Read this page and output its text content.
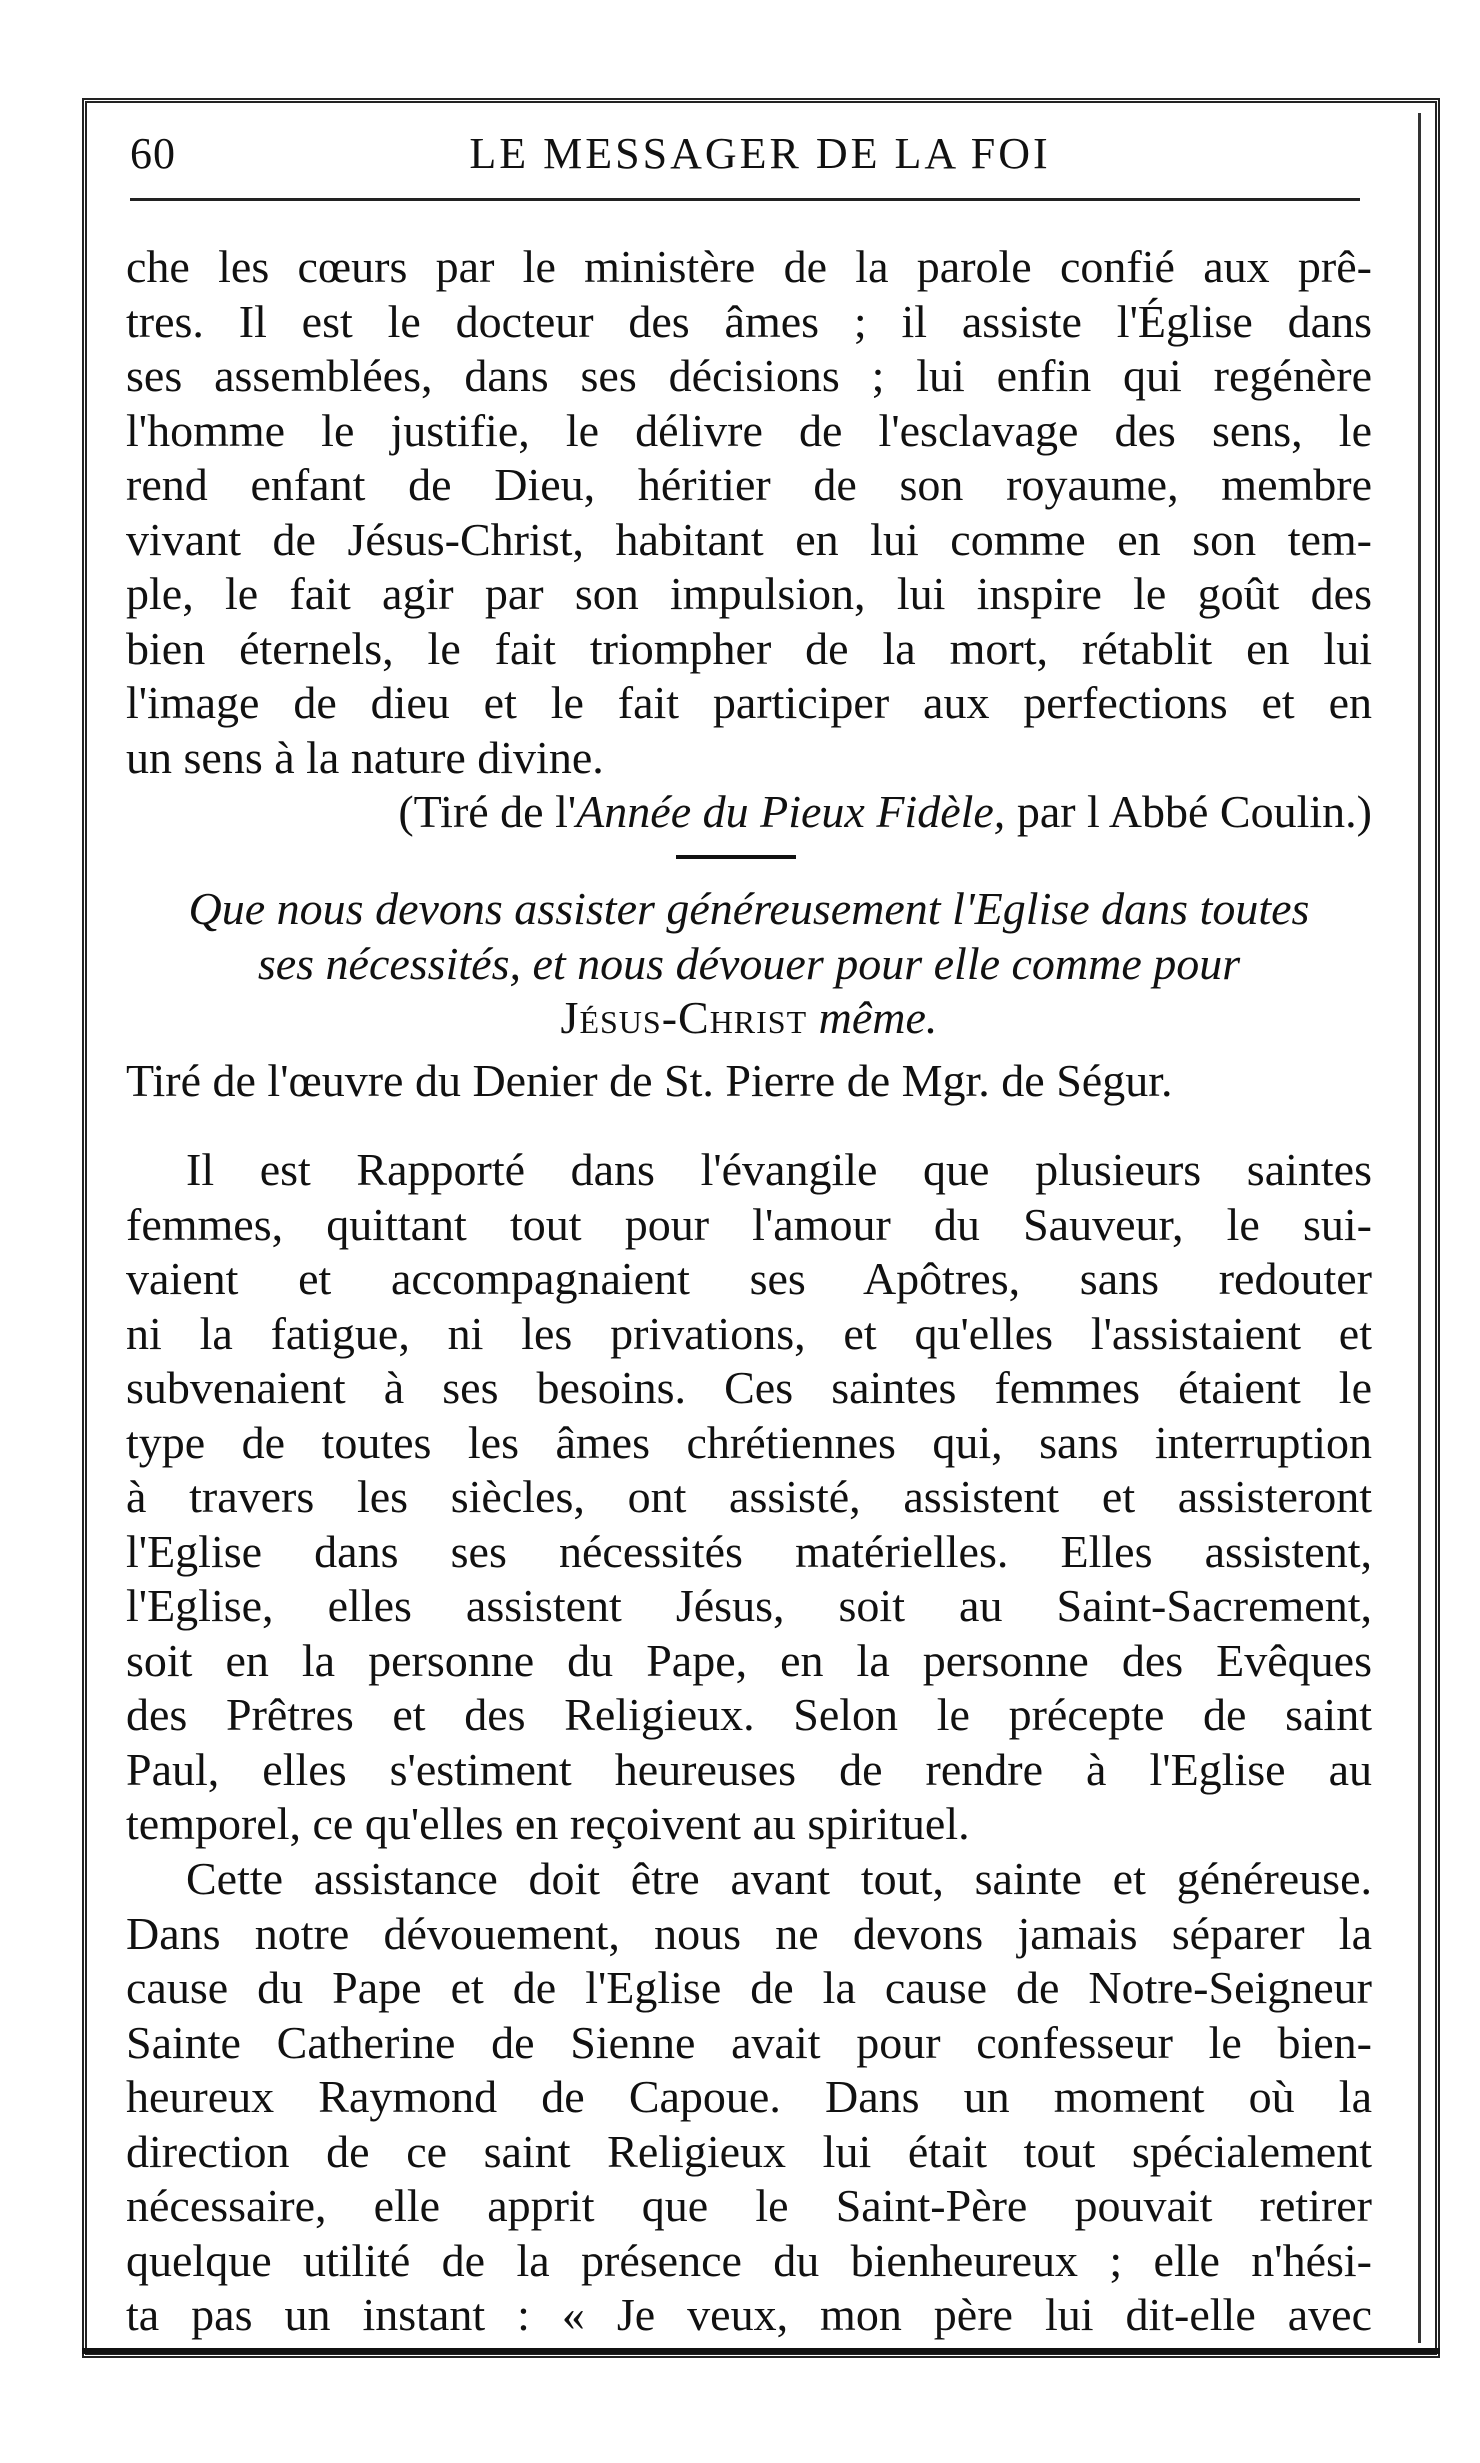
60	LE MESSAGER DE LA FOI
che les cœurs par le ministère de la parole confié aux prê-
tres. Il est le docteur des âmes ; il assiste l'Église dans
ses assemblées, dans ses décisions ; lui enfin qui regénère
l'homme le justifie, le délivre de l'esclavage des sens, le
rend enfant de Dieu, héritier de son royaume, membre
vivant de Jésus-Christ, habitant en lui comme en son tem-
ple, le fait agir par son impulsion, lui inspire le goût des
bien éternels, le fait triompher de la mort, rétablit en lui
l'image de dieu et le fait participer aux perfections et en
un sens à la nature divine.
(Tiré de l'Année du Pieux Fidèle, par l Abbé Coulin.)
Que nous devons assister généreusement l'Eglise dans toutes
ses nécessités, et nous dévouer pour elle comme pour
Jésus-Christ même.
Tiré de l'œuvre du Denier de St. Pierre de Mgr. de Ségur.
Il est Rapporté dans l'évangile que plusieurs saintes
femmes, quittant tout pour l'amour du Sauveur, le sui-
vaient et accompagnaient ses Apôtres, sans redouter
ni la fatigue, ni les privations, et qu'elles l'assistaient et
subvenaient à ses besoins. Ces saintes femmes étaient le
type de toutes les âmes chrétiennes qui, sans interruption
à travers les siècles, ont assisté, assistent et assisteront
l'Eglise dans ses nécessités matérielles. Elles assistent,
l'Eglise, elles assistent Jésus, soit au Saint-Sacrement,
soit en la personne du Pape, en la personne des Evêques
des Prêtres et des Religieux. Selon le précepte de saint
Paul, elles s'estiment heureuses de rendre à l'Eglise au
temporel, ce qu'elles en reçoivent au spirituel.
Cette assistance doit être avant tout, sainte et généreuse.
Dans notre dévouement, nous ne devons jamais séparer la
cause du Pape et de l'Eglise de la cause de Notre-Seigneur
Sainte Catherine de Sienne avait pour confesseur le bien-
heureux Raymond de Capoue. Dans un moment où la
direction de ce saint Religieux lui était tout spécialement
nécessaire, elle apprit que le Saint-Père pouvait retirer
quelque utilité de la présence du bienheureux ; elle n'hési-
ta pas un instant : « Je veux, mon père lui dit-elle avec
